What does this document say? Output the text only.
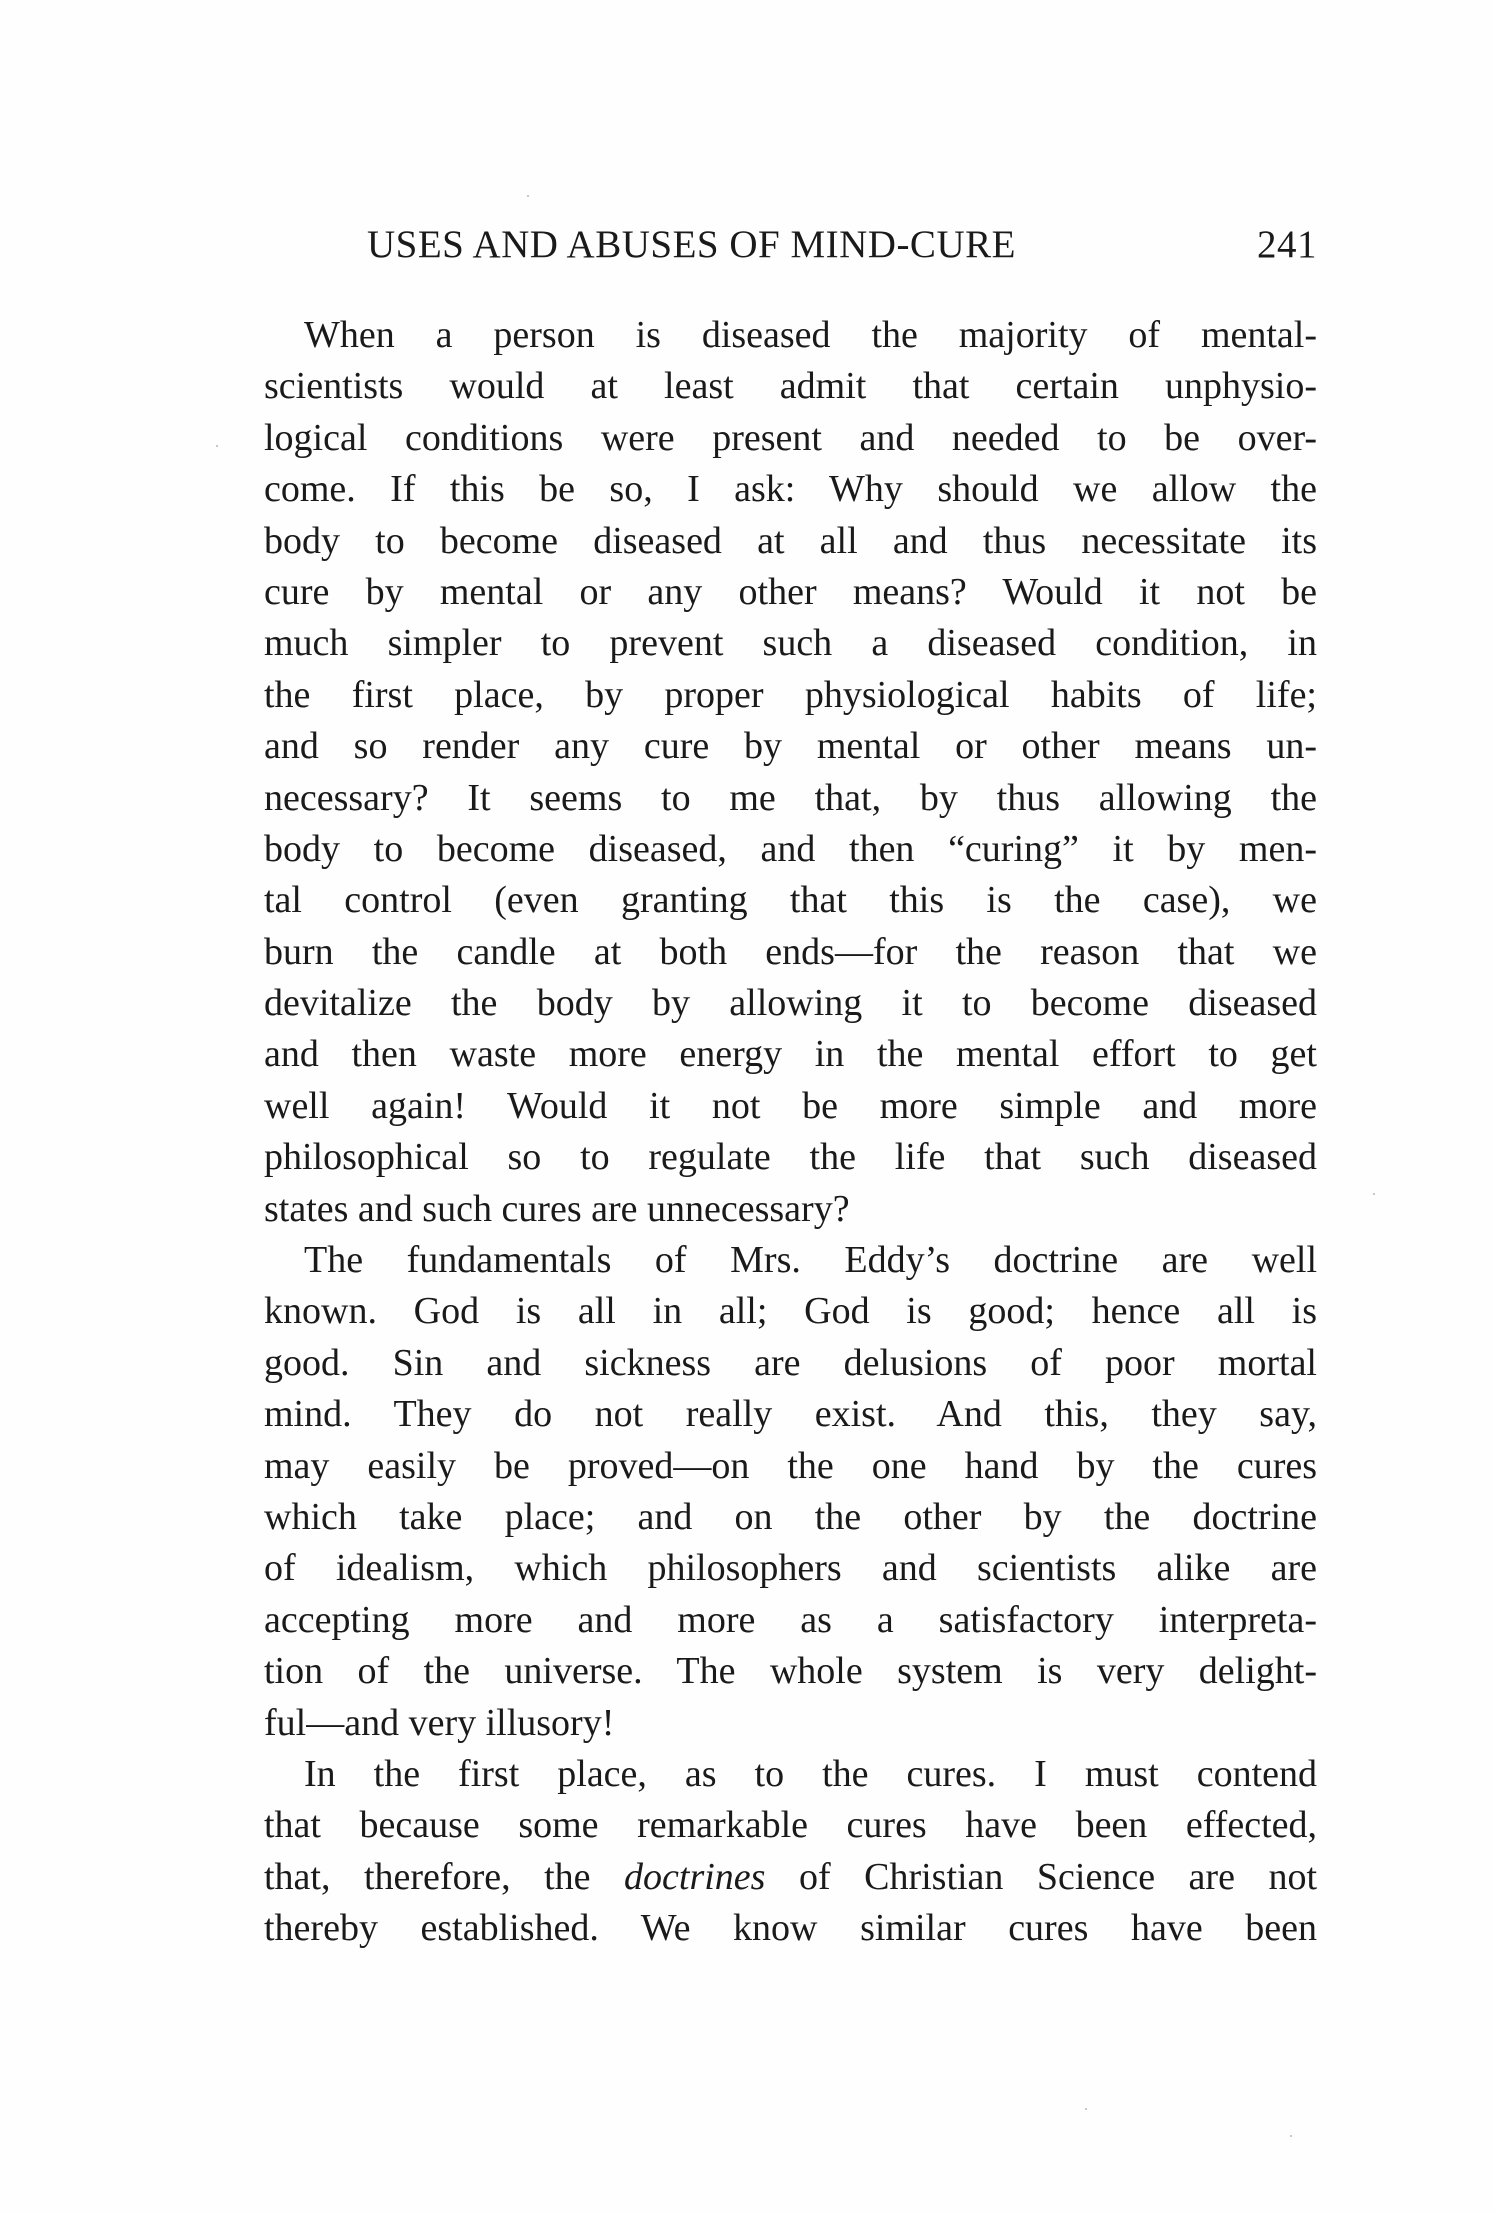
USES AND ABUSES OF MIND-CURE	241
When a person is diseased the majority of mental-
scientists would at least admit that certain unphysio-
logical conditions were present and needed to be over-
come. If this be so, I ask: Why should we allow the
body to become diseased at all and thus necessitate its
cure by mental or any other means? Would it not be
much simpler to prevent such a diseased condition, in
the first place, by proper physiological habits of life;
and so render any cure by mental or other means un-
necessary? It seems to me that, by thus allowing the
body to become diseased, and then “curing” it by men-
tal control (even granting that this is the case), we
burn the candle at both ends—for the reason that we
devitalize the body by allowing it to become diseased
and then waste more energy in the mental effort to get
well again! Would it not be more simple and more
philosophical so to regulate the life that such diseased
states and such cures are unnecessary?
The fundamentals of Mrs. Eddy’s doctrine are well
known. God is all in all; God is good; hence all is
good. Sin and sickness are delusions of poor mortal
mind. They do not really exist. And this, they say,
may easily be proved—on the one hand by the cures
which take place; and on the other by the doctrine
of idealism, which philosophers and scientists alike are
accepting more and more as a satisfactory interpreta-
tion of the universe. The whole system is very delight-
ful—and very illusory!
In the first place, as to the cures. I must contend
that because some remarkable cures have been effected,
that, therefore, the doctrines of Christian Science are not
thereby established. We know similar cures have been
